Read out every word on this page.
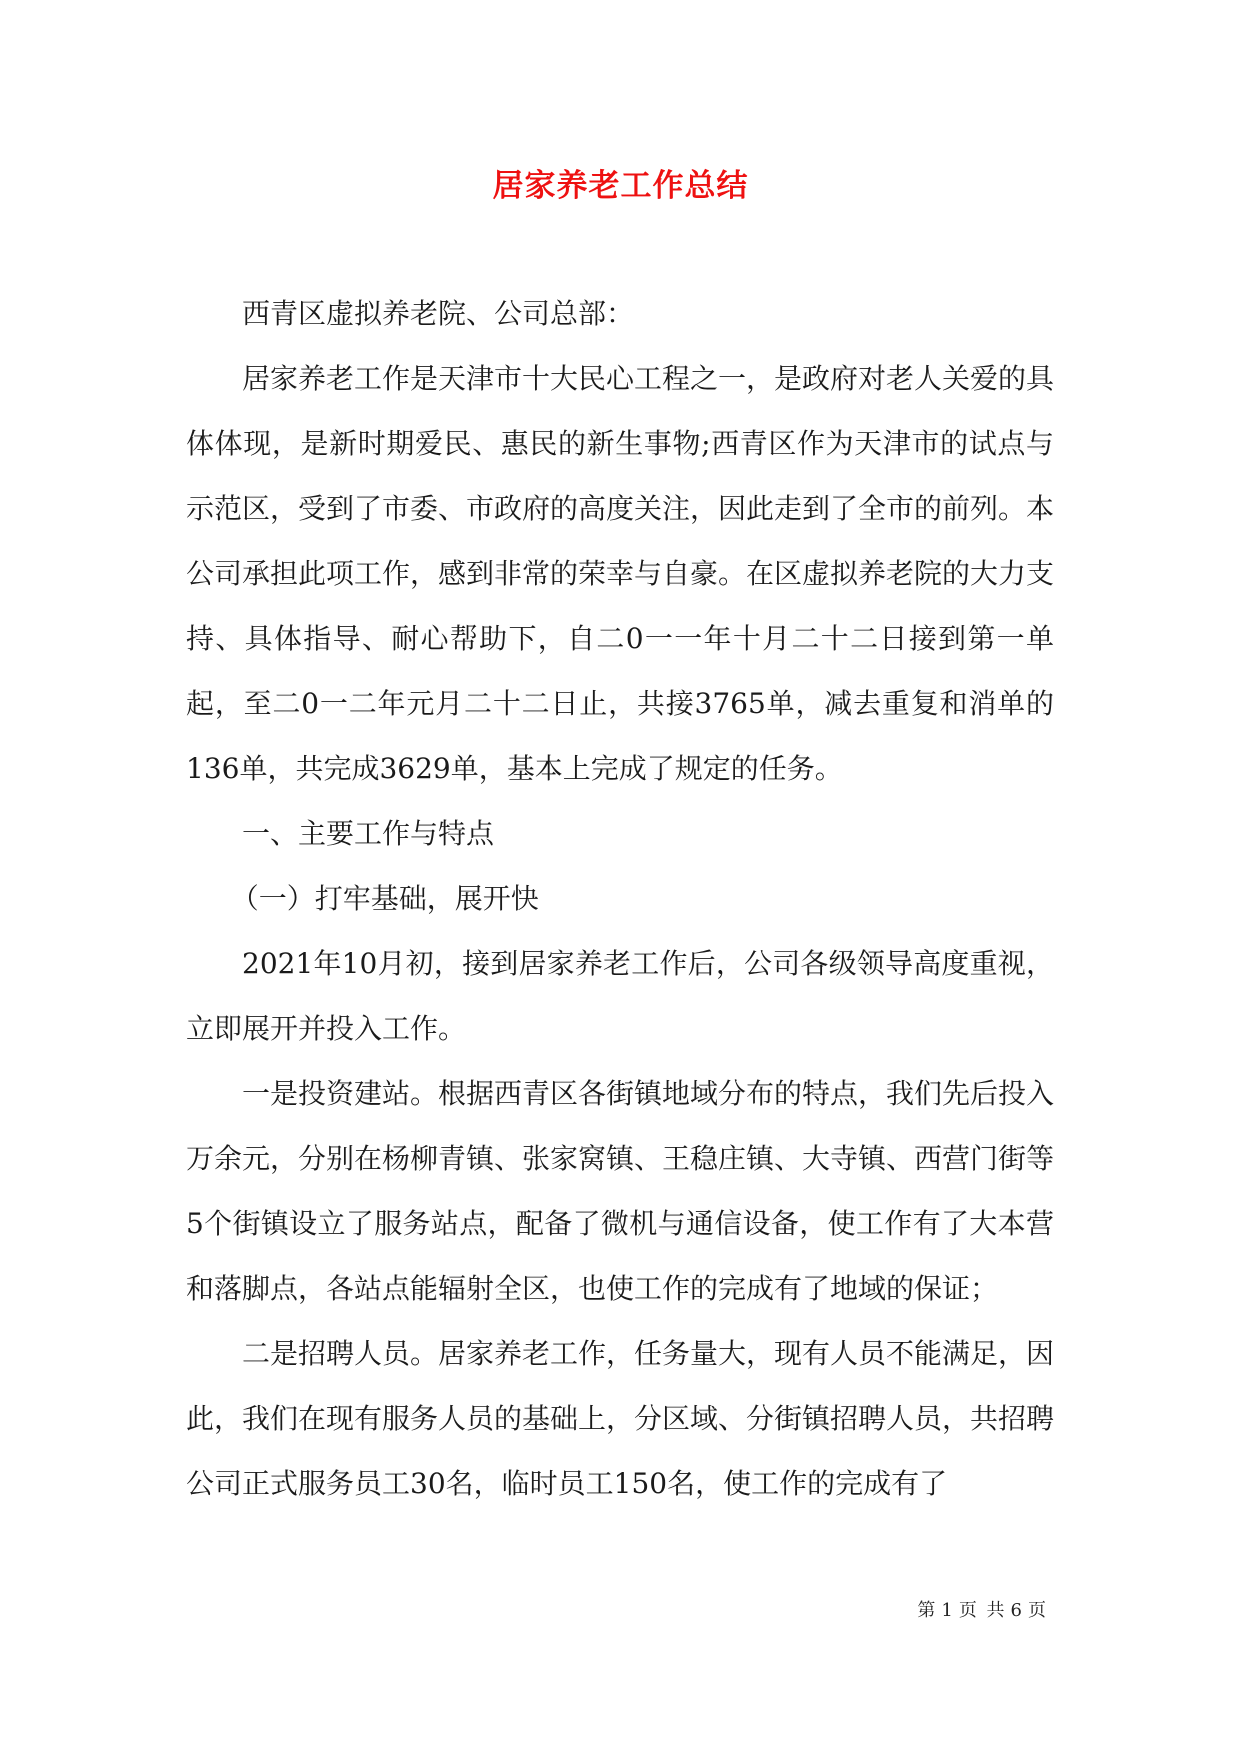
居家养老工作总结

西青区虚拟养老院、公司总部：

居家养老工作是天津市十大民心工程之一，是政府对老人关爱的具体体现，是新时期爱民、惠民的新生事物;西青区作为天津市的试点与示范区，受到了市委、市政府的高度关注，因此走到了全市的前列。本公司承担此项工作，感到非常的荣幸与自豪。在区虚拟养老院的大力支持、具体指导、耐心帮助下，自二0一一年十月二十二日接到第一单起，至二0一二年元月二十二日止，共接3765单，减去重复和消单的136单，共完成3629单，基本上完成了规定的任务。

一、主要工作与特点

（一）打牢基础，展开快

2021年10月初，接到居家养老工作后，公司各级领导高度重视，立即展开并投入工作。

一是投资建站。根据西青区各街镇地域分布的特点，我们先后投入万余元，分别在杨柳青镇、张家窝镇、王稳庄镇、大寺镇、西营门街等5个街镇设立了服务站点，配备了微机与通信设备，使工作有了大本营和落脚点，各站点能辐射全区，也使工作的完成有了地域的保证；

二是招聘人员。居家养老工作，任务量大，现有人员不能满足，因此，我们在现有服务人员的基础上，分区域、分街镇招聘人员，共招聘公司正式服务员工30名，临时员工150名，使工作的完成有了

第 1 页 共 6 页
